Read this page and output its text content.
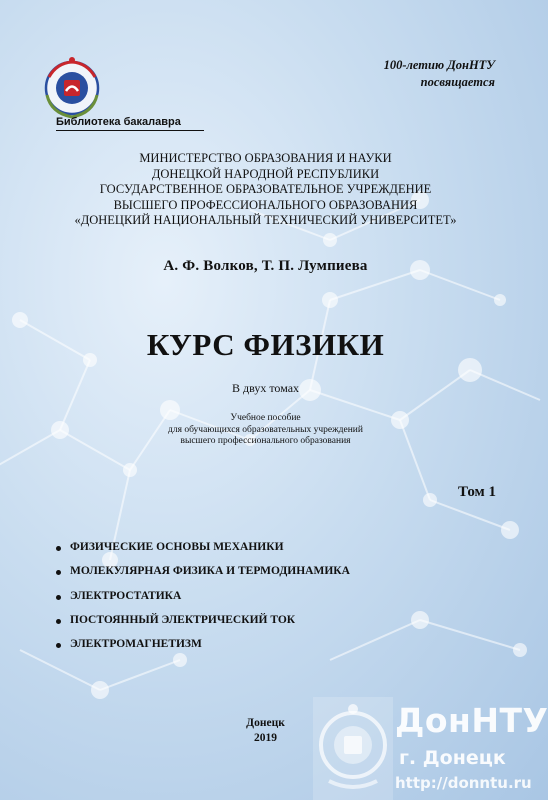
100-летию ДонНТУ
посвящается
Библиотека бакалавра
МИНИСТЕРСТВО ОБРАЗОВАНИЯ И НАУКИ
ДОНЕЦКОЙ НАРОДНОЙ РЕСПУБЛИКИ
ГОСУДАРСТВЕННОЕ ОБРАЗОВАТЕЛЬНОЕ УЧРЕЖДЕНИЕ
ВЫСШЕГО ПРОФЕССИОНАЛЬНОГО ОБРАЗОВАНИЯ
«ДОНЕЦКИЙ НАЦИОНАЛЬНЫЙ ТЕХНИЧЕСКИЙ УНИВЕРСИТЕТ»
А. Ф. Волков, Т. П. Лумпиева
КУРС ФИЗИКИ
В двух томах
Учебное пособие
для обучающихся образовательных учреждений
высшего профессионального образования
Том 1
ФИЗИЧЕСКИЕ ОСНОВЫ МЕХАНИКИ
МОЛЕКУЛЯРНАЯ ФИЗИКА И ТЕРМОДИНАМИКА
ЭЛЕКТРОСТАТИКА
ПОСТОЯННЫЙ ЭЛЕКТРИЧЕСКИЙ ТОК
ЭЛЕКТРОМАГНЕТИЗМ
Донецк
2019	ДонНТУ
г. Донецк
http://donntu.ru
